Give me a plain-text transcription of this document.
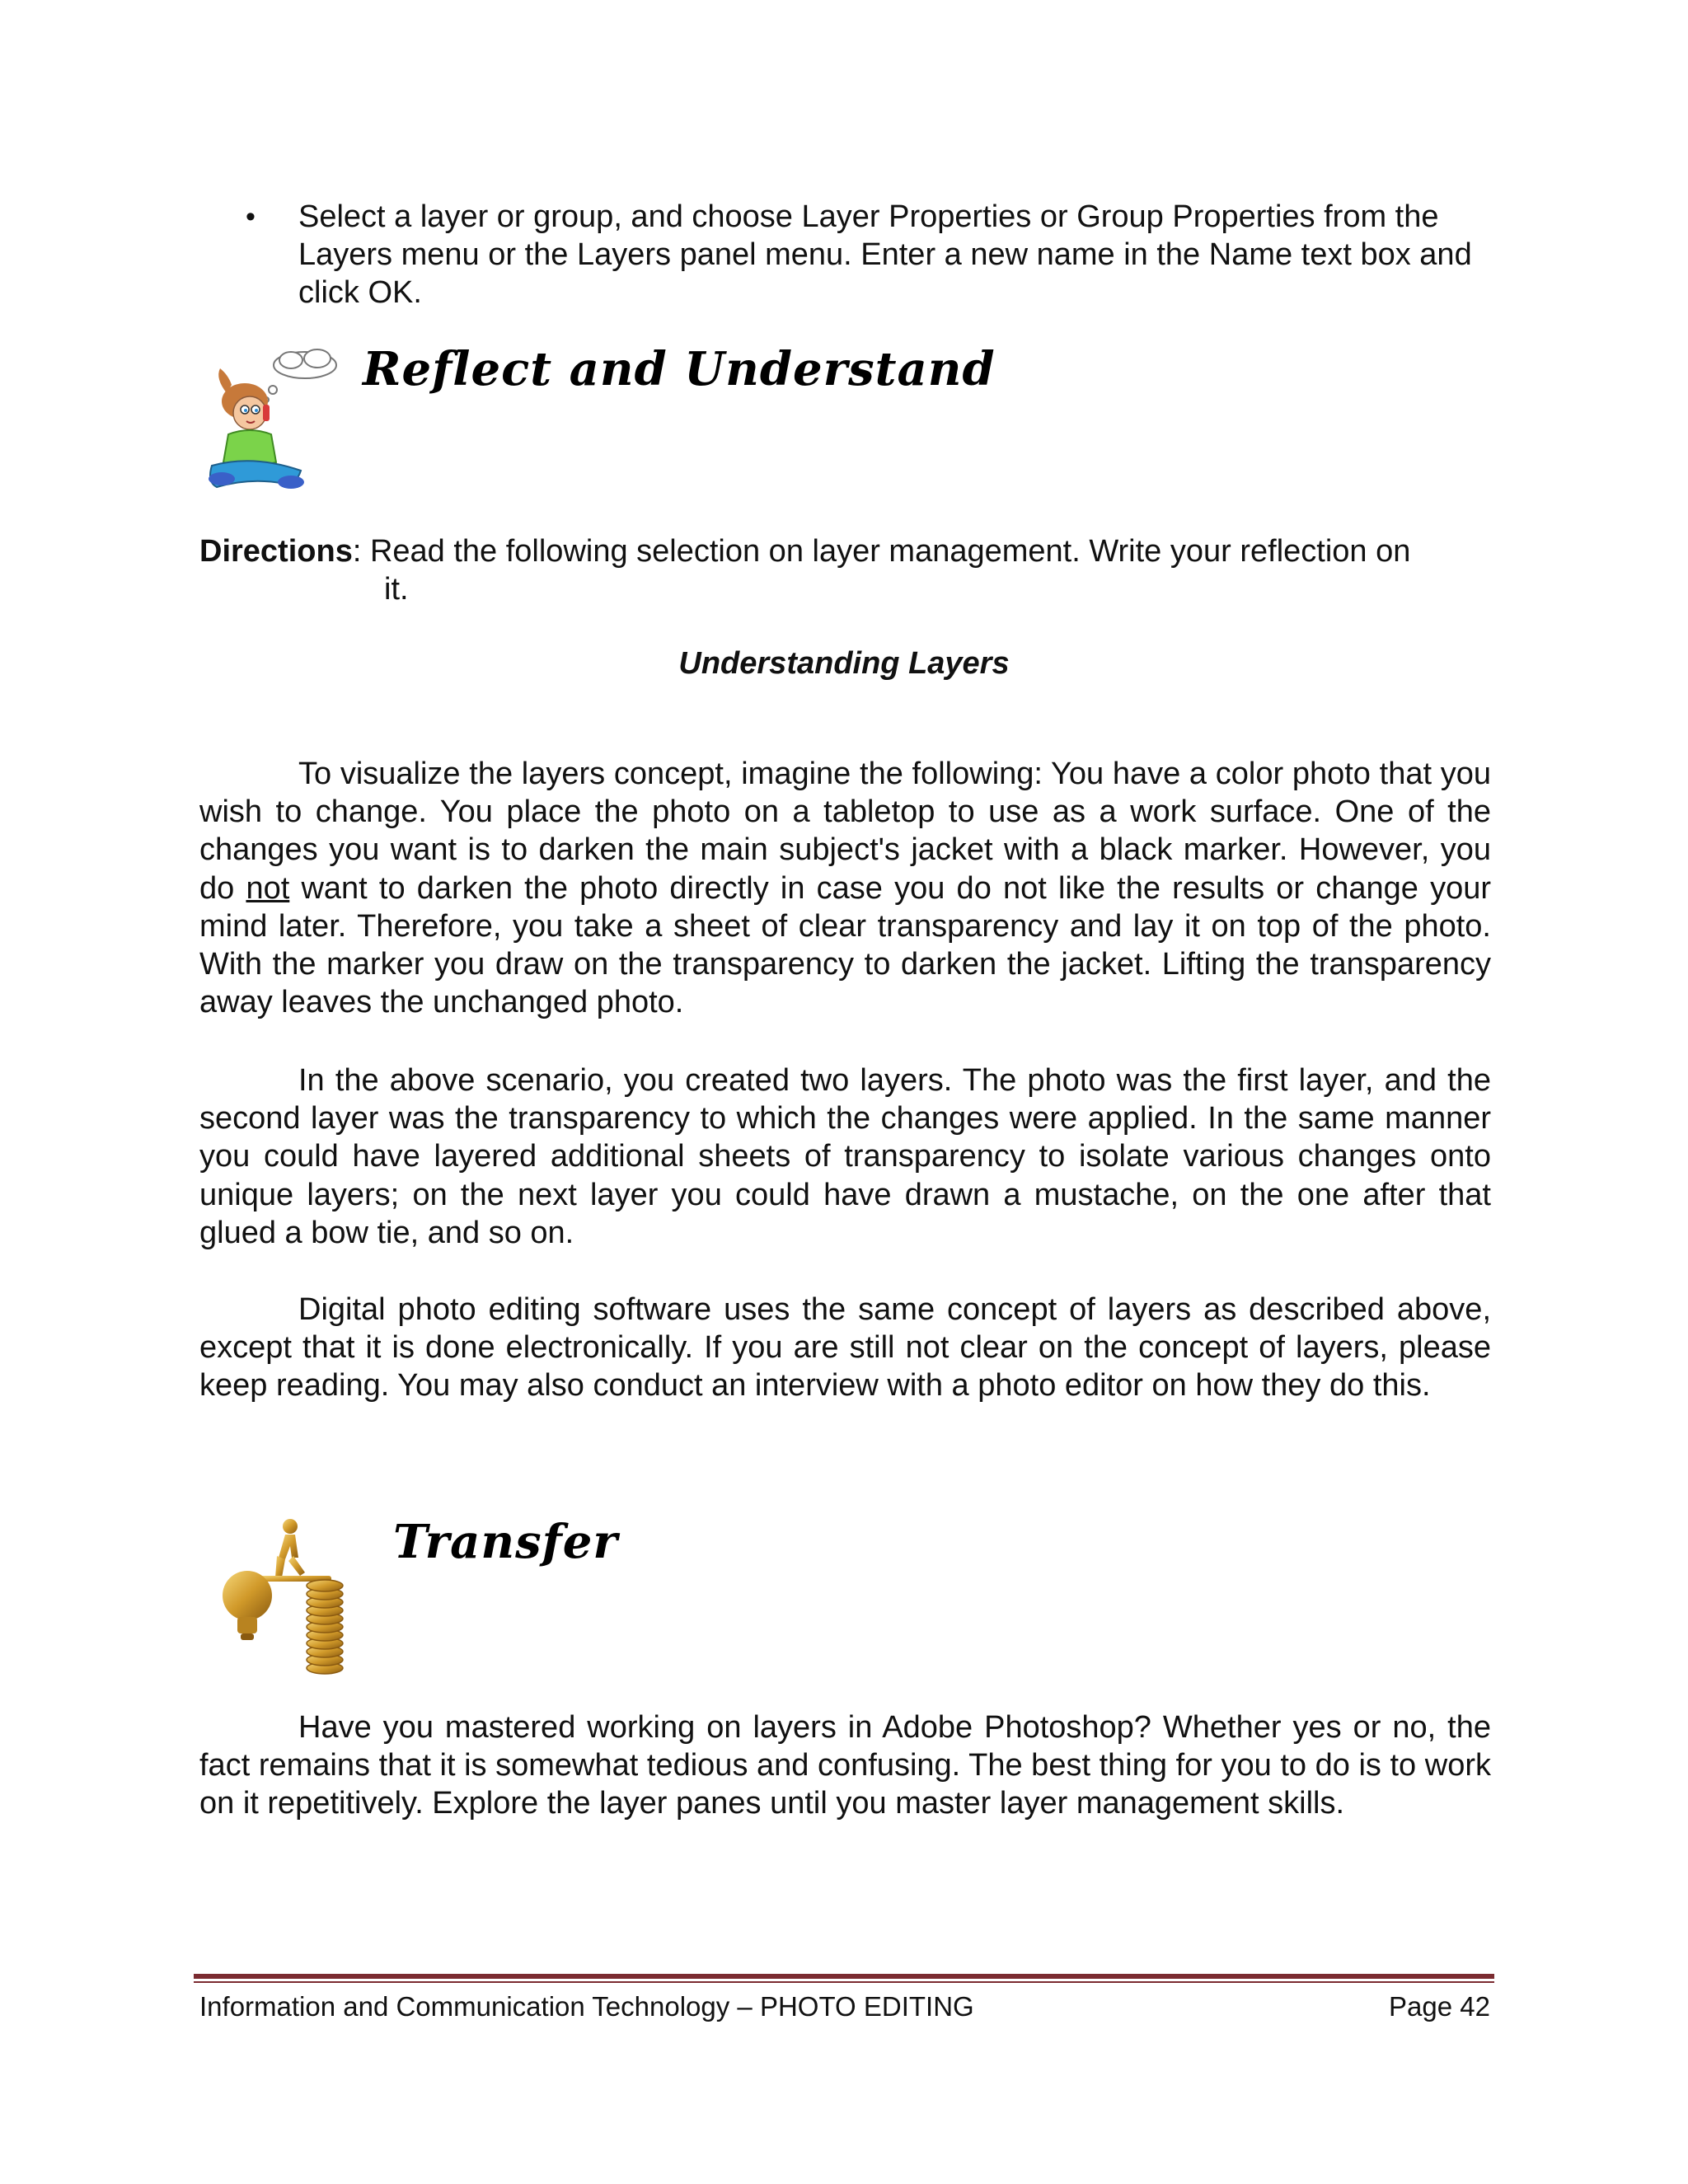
•	Select a layer or group, and choose Layer Properties or Group Properties from the Layers menu or the Layers panel menu. Enter a new name in the Name text box and click OK.
Reflect and Understand
Directions: Read the following selection on layer management. Write your reflection on
it.
Understanding Layers
To visualize the layers concept, imagine the following: You have a color photo that you wish to change. You place the photo on a tabletop to use as a work surface. One of the changes you want is to darken the main subject's jacket with a black marker. However, you do not want to darken the photo directly in case you do not like the results or change your mind later. Therefore, you take a sheet of clear transparency and lay it on top of the photo. With the marker you draw on the transparency to darken the jacket. Lifting the transparency away leaves the unchanged photo.
In the above scenario, you created two layers. The photo was the first layer, and the second layer was the transparency to which the changes were applied. In the same manner you could have layered additional sheets of transparency to isolate various changes onto unique layers; on the next layer you could have drawn a mustache, on the one after that glued a bow tie, and so on.
Digital photo editing software uses the same concept of layers as described above, except that it is done electronically. If you are still not clear on the concept of layers, please keep reading. You may also conduct an interview with a photo editor on how they do this.
Transfer
Have you mastered working on layers in Adobe Photoshop? Whether yes or no, the fact remains that it is somewhat tedious and confusing. The best thing for you to do is to work on it repetitively. Explore the layer panes until you master layer management skills.
Information and Communication Technology – PHOTO EDITING	Page 42
